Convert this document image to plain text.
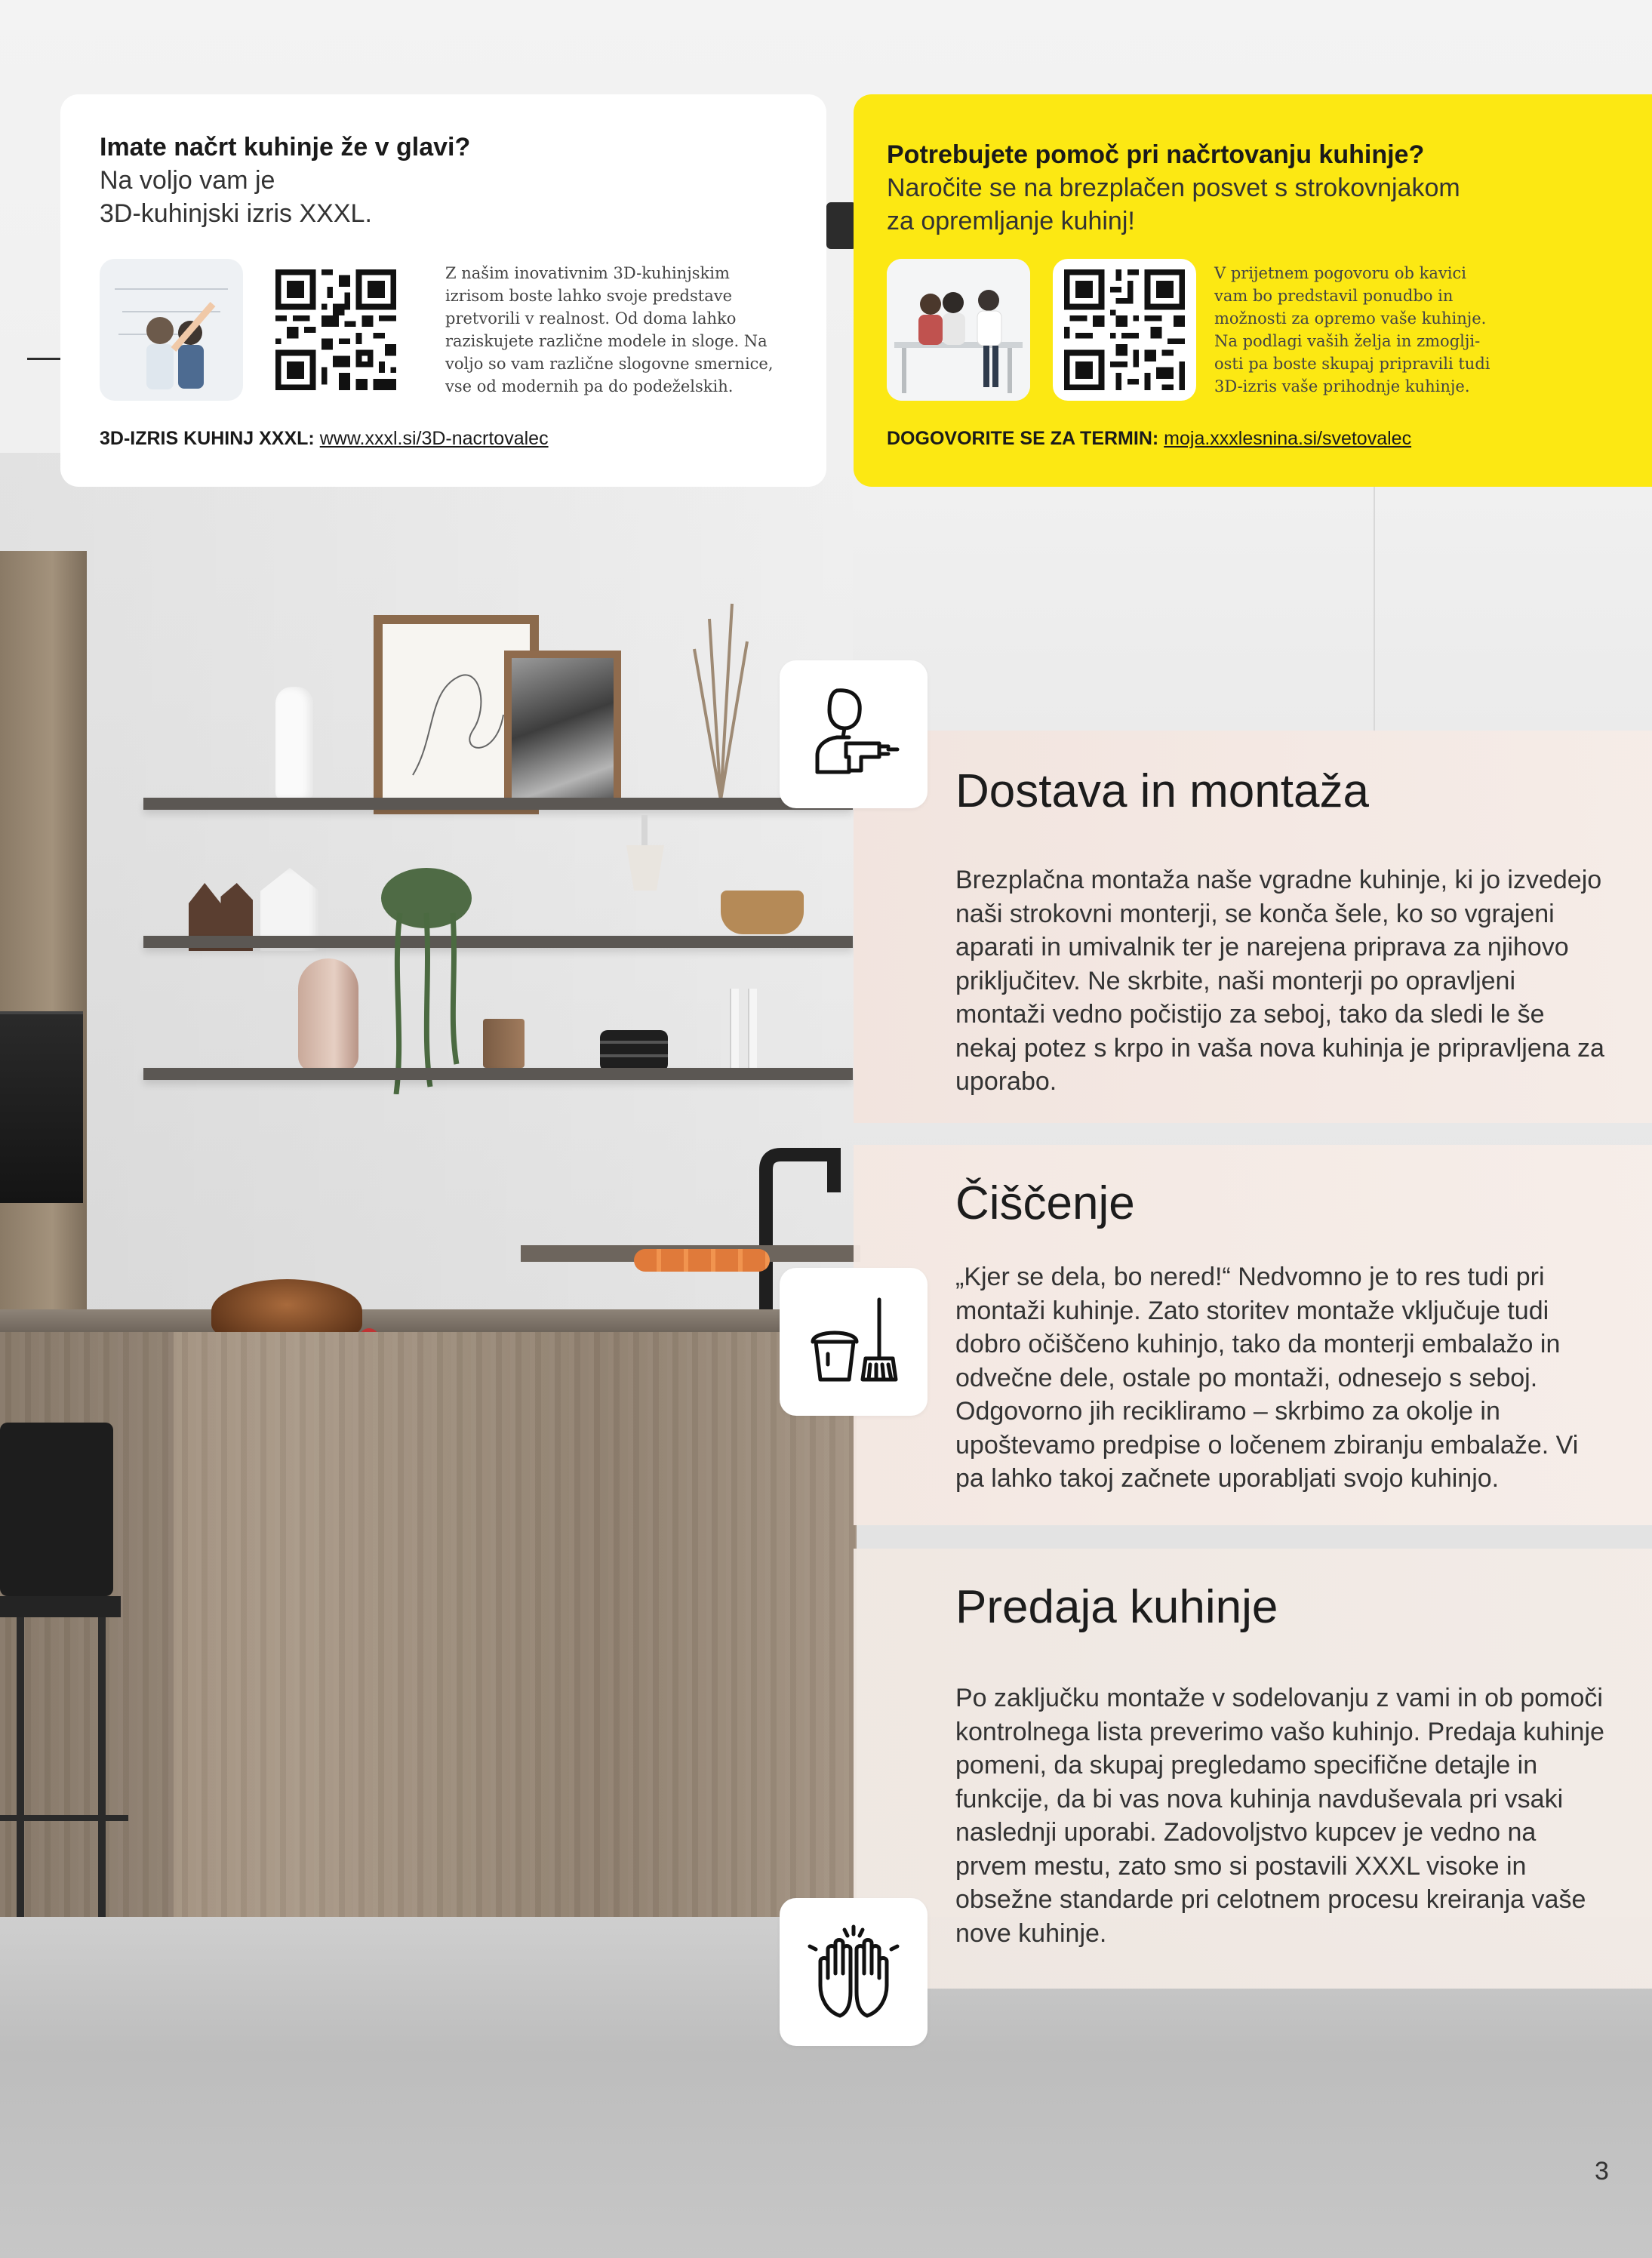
Imate načrt kuhinje že v glavi?

Na voljo vam je
3D-kuhinjski izris XXXL.

Z našim inovativnim 3D-kuhinjskim
izrisom boste lahko svoje predstave
pretvorili v realnost. Od doma lahko
raziskujete različne modele in sloge. Na
voljo so vam različne slogovne smernice,
vse od modernih pa do podeželskih.

3D-IZRIS KUHINJ XXXL: www.xxxl.si/3D-nacrtovalec
Potrebujete pomoč pri načrtovanju kuhinje?

Naročite se na brezplačen posvet s strokovnjakom
za opremljanje kuhinj!

V prijetnem pogovoru ob kavici
vam bo predstavil ponudbo in
možnosti za opremo vaše kuhinje.
Na podlagi vaših želja in zmoglji-
osti pa boste skupaj pripravili tudi
3D-izris vaše prihodnje kuhinje.

DOGOVORITE SE ZA TERMIN: moja.xxxlesnina.si/svetovalec
Dostava in montaža

Brezplačna montaža naše vgradne kuhinje, ki jo izvedejo naši strokovni monterji, se konča šele, ko so vgrajeni aparati in umivalnik ter je narejena priprava za njihovo priključitev. Ne skrbite, naši monterji po opravljeni montaži vedno počistijo za seboj, tako da sledi le še nekaj potez s krpo in vaša nova kuhinja je pripravljena za uporabo.

Čiščenje

„Kjer se dela, bo nered!“ Nedvomno je to res tudi pri montaži kuhinje. Zato storitev montaže vključuje tudi dobro očiščeno kuhinjo, tako da monterji embalažo in odvečne dele, ostale po montaži, odnesejo s seboj. Odgovorno jih recikliramo – skrbimo za okolje in upoštevamo predpise o ločenem zbiranju embalaže. Vi pa lahko takoj začnete uporabljati svojo kuhinjo.

Predaja kuhinje

Po zaključku montaže v sodelovanju z vami in ob pomoči kontrolnega lista preverimo vašo kuhinjo. Predaja kuhinje pomeni, da skupaj pregledamo specifične detajle in funkcije, da bi vas nova kuhinja navduševala pri vsaki naslednji uporabi. Zadovoljstvo kupcev je vedno na prvem mestu, zato smo si postavili XXXL visoke in obsežne standarde pri celotnem procesu kreiranja vaše nove kuhinje.

3
